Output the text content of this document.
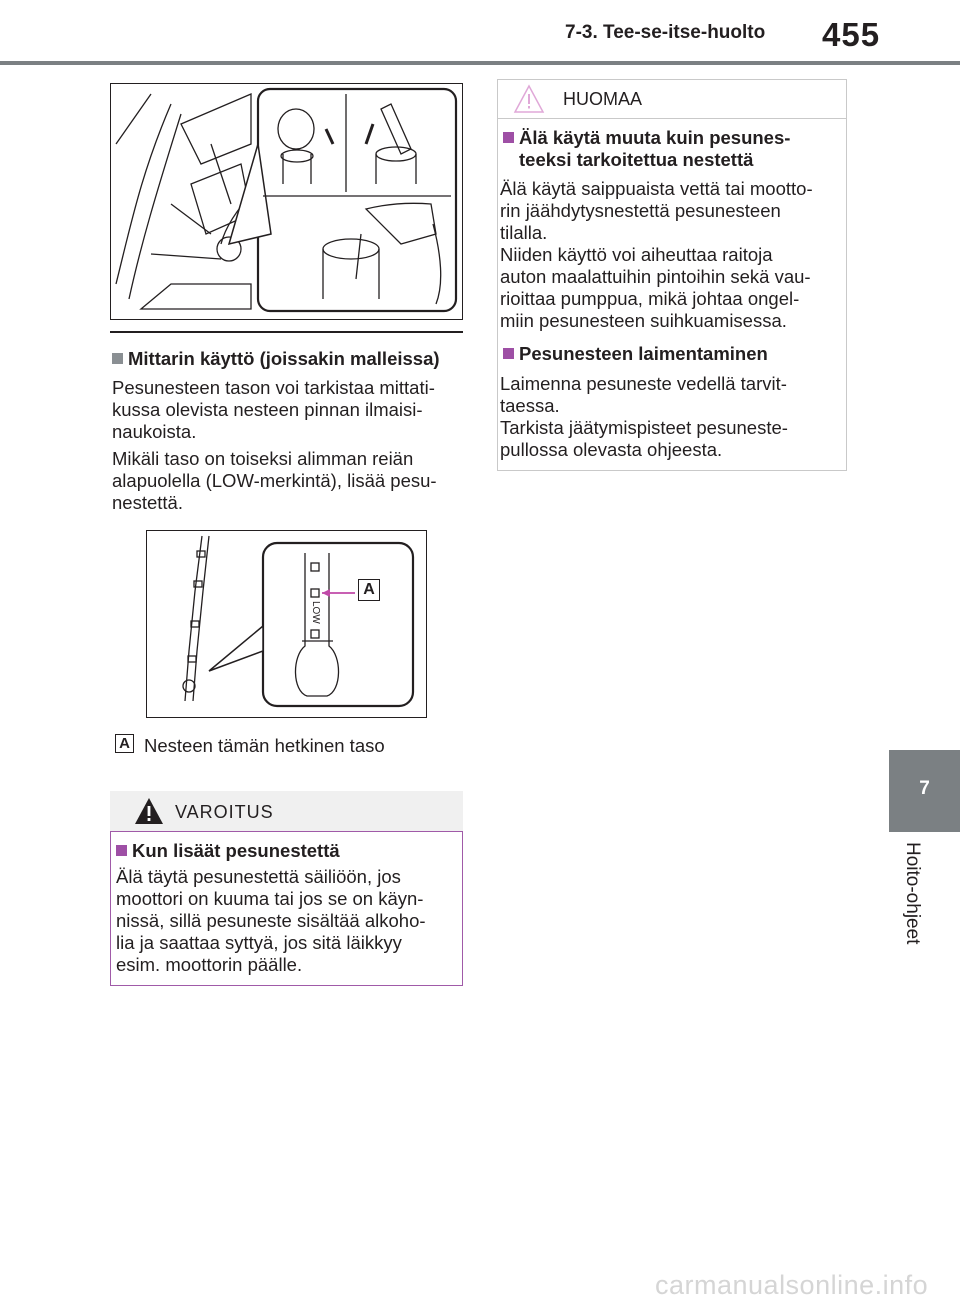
7-3. Tee-se-itse-huolto 455
7
Hoito-ohjeet
Mittarin käyttö (joissakin malleissa)
Pesunesteen tason voi tarkistaa mittati-
kussa olevista nesteen pinnan ilmaisi-
naukoista.
Mikäli taso on toiseksi alimman reiän
alapuolella (LOW-merkintä), lisää pesu-
nestettä.
LOW
A
A Nesteen tämän hetkinen taso
VAROITUS
Kun lisäät pesunestettä
Älä täytä pesunestettä säiliöön, jos
moottori on kuuma tai jos se on käyn-
nissä, sillä pesuneste sisältää alkoho-
lia ja saattaa syttyä, jos sitä läikkyy
esim. moottorin päälle.
HUOMAA
Älä käytä muuta kuin pesunes-
teeksi tarkoitettua nestettä
Älä käytä saippuaista vettä tai mootto-
rin jäähdytysnestettä pesunesteen
tilalla.
Niiden käyttö voi aiheuttaa raitoja
auton maalattuihin pintoihin sekä vau-
rioittaa pumppua, mikä johtaa ongel-
miin pesunesteen suihkuamisessa.
Pesunesteen laimentaminen
Laimenna pesuneste vedellä tarvit-
taessa.
Tarkista jäätymispisteet pesuneste-
pullossa olevasta ohjeesta.
carmanualsonline.info
